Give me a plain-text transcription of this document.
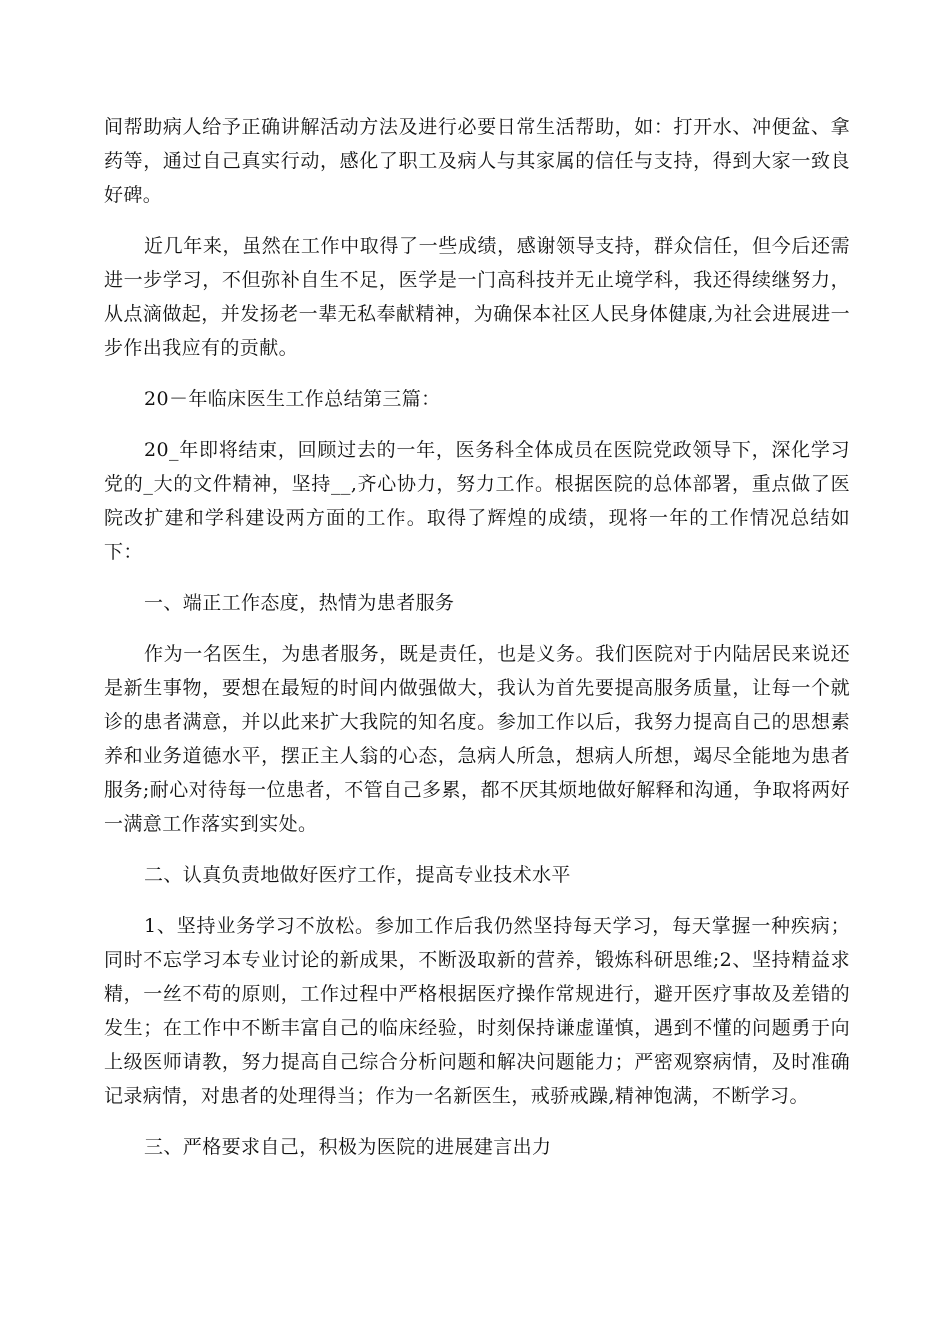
间帮助病人给予正确讲解活动方法及进行必要日常生活帮助，如：打开水、冲便盆、拿药等，通过自己真实行动，感化了职工及病人与其家属的信任与支持，得到大家一致良好碑。

近几年来，虽然在工作中取得了一些成绩，感谢领导支持，群众信任，但今后还需进一步学习，不但弥补自生不足，医学是一门高科技并无止境学科，我还得续继努力，从点滴做起，并发扬老一辈无私奉献精神，为确保本社区人民身体健康,为社会进展进一步作出我应有的贡献。

20－年临床医生工作总结第三篇：

20_年即将结束，回顾过去的一年，医务科全体成员在医院党政领导下，深化学习党的_大的文件精神，坚持__,齐心协力，努力工作。根据医院的总体部署，重点做了医院改扩建和学科建设两方面的工作。取得了辉煌的成绩，现将一年的工作情况总结如下：

一、端正工作态度，热情为患者服务

作为一名医生，为患者服务，既是责任，也是义务。我们医院对于内陆居民来说还是新生事物，要想在最短的时间内做强做大，我认为首先要提高服务质量，让每一个就诊的患者满意，并以此来扩大我院的知名度。参加工作以后，我努力提高自己的思想素养和业务道德水平，摆正主人翁的心态，急病人所急，想病人所想，竭尽全能地为患者服务;耐心对待每一位患者，不管自己多累，都不厌其烦地做好解释和沟通，争取将两好一满意工作落实到实处。

二、认真负责地做好医疗工作，提高专业技术水平

1、坚持业务学习不放松。参加工作后我仍然坚持每天学习，每天掌握一种疾病；同时不忘学习本专业讨论的新成果，不断汲取新的营养，锻炼科研思维;2、坚持精益求精，一丝不苟的原则，工作过程中严格根据医疗操作常规进行，避开医疗事故及差错的发生；在工作中不断丰富自己的临床经验，时刻保持谦虚谨慎，遇到不懂的问题勇于向上级医师请教，努力提高自己综合分析问题和解决问题能力；严密观察病情，及时准确记录病情，对患者的处理得当；作为一名新医生，戒骄戒躁,精神饱满，不断学习。

三、严格要求自己，积极为医院的进展建言出力
